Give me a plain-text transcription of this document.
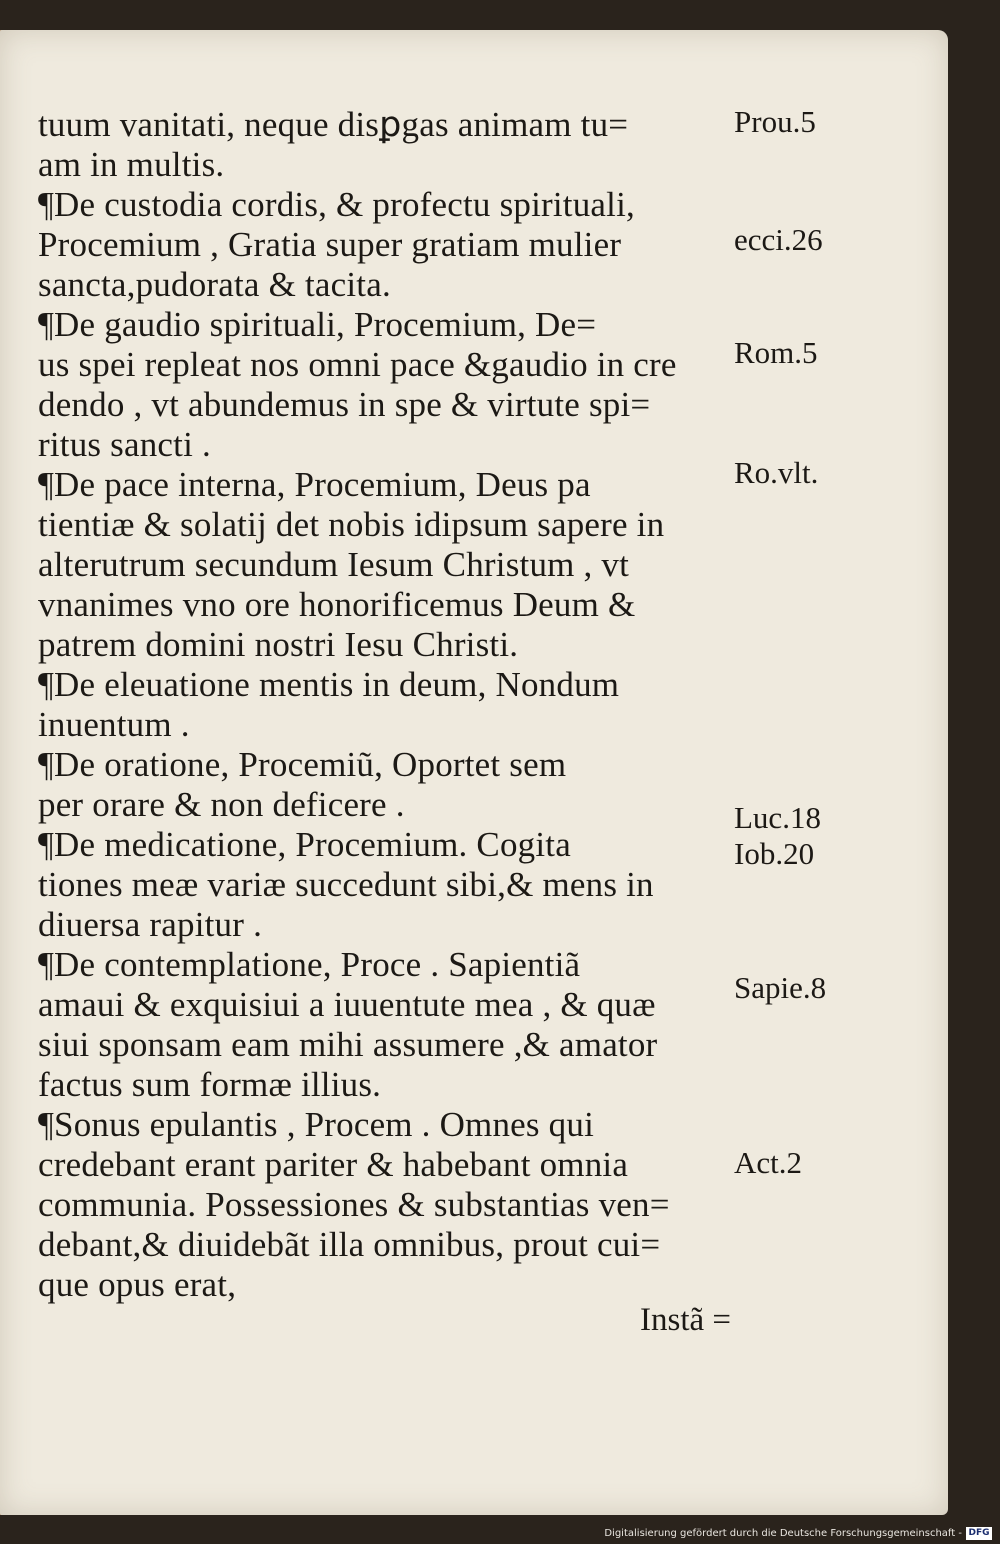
tuum vanitati, neque disꝑgas animam tu=
am in multis.
¶De custodia cordis, & profectu spirituali,
Procemium , Gratia super gratiam mulier
sancta,pudorata & tacita.
¶De gaudio spirituali, Procemium, De=
us spei repleat nos omni pace &gaudio in cre
dendo , vt abundemus in spe & virtute spi=
ritus sancti .
¶De pace interna, Procemium, Deus pa
tientiæ & solatij det nobis idipsum sapere in
alterutrum secundum Iesum Christum , vt
vnanimes vno ore honorificemus Deum &
patrem domini nostri Iesu Christi.
¶De eleuatione mentis in deum, Nondum
inuentum .
¶De oratione, Procemiũ, Oportet sem
per orare & non deficere .
¶De medicatione, Procemium. Cogita
tiones meæ variæ succedunt sibi,& mens in
diuersa rapitur .
¶De contemplatione, Proce . Sapientiã
amaui & exquisiui a iuuentute mea , & quæ
siui sponsam eam mihi assumere ,& amator
factus sum formæ illius.
¶Sonus epulantis , Procem . Omnes qui
credebant erant pariter & habebant omnia
communia. Possessiones & substantias ven=
debant,& diuidebãt illa omnibus, prout cui=
que opus erat,
Prou.5
ecci.26
Rom.5
Ro.vlt.
Luc.18
Iob.20
Sapie.8
Act.2
Instã =
Digitalisierung gefördert durch die Deutsche Forschungsgemeinschaft - DFG
